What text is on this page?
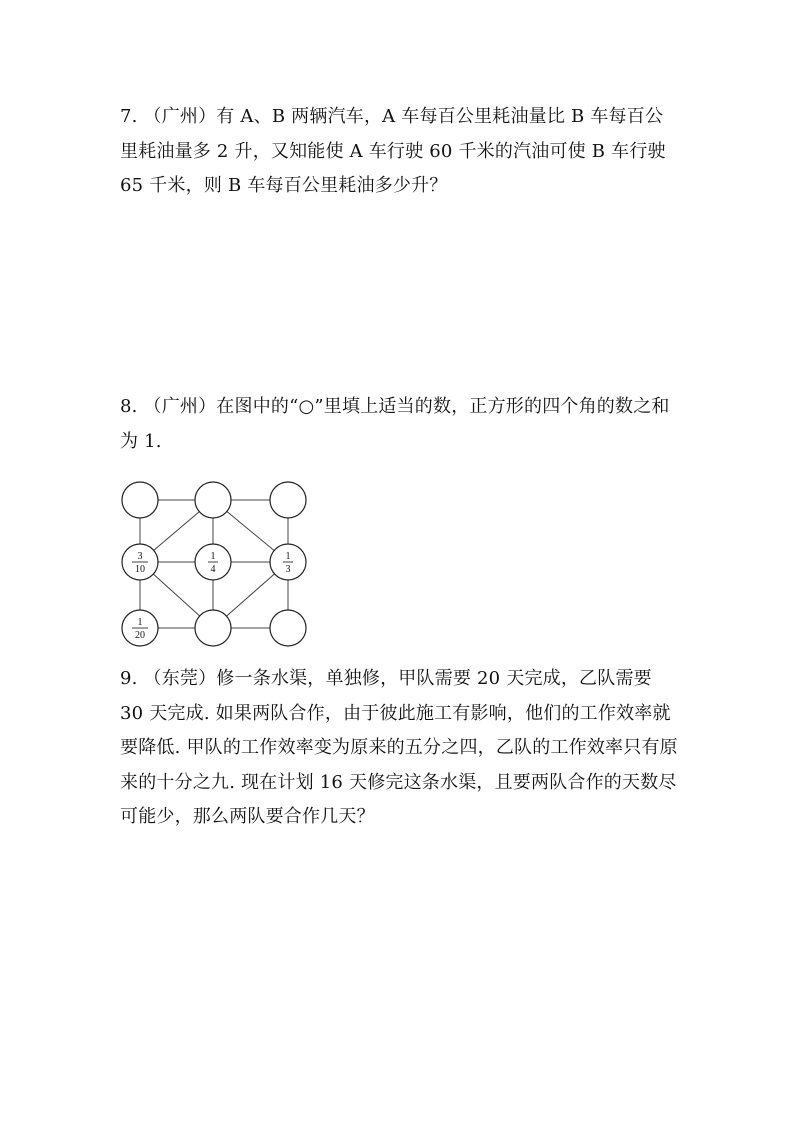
7. （广州）有 A、B 两辆汽车，A 车每百公里耗油量比 B 车每百公里耗油量多 2 升，又知能使 A 车行驶 60 千米的汽油可使 B 车行驶 65 千米，则 B 车每百公里耗油多少升？

8. （广州）在图中的“○”里填上适当的数，正方形的四个角的数之和为 1.

3
10
1
4
1
3
1
20

9. （东莞）修一条水渠，单独修，甲队需要 20 天完成，乙队需要 30 天完成. 如果两队合作，由于彼此施工有影响，他们的工作效率就要降低. 甲队的工作效率变为原来的五分之四，乙队的工作效率只有原来的十分之九. 现在计划 16 天修完这条水渠，且要两队合作的天数尽可能少，那么两队要合作几天？
